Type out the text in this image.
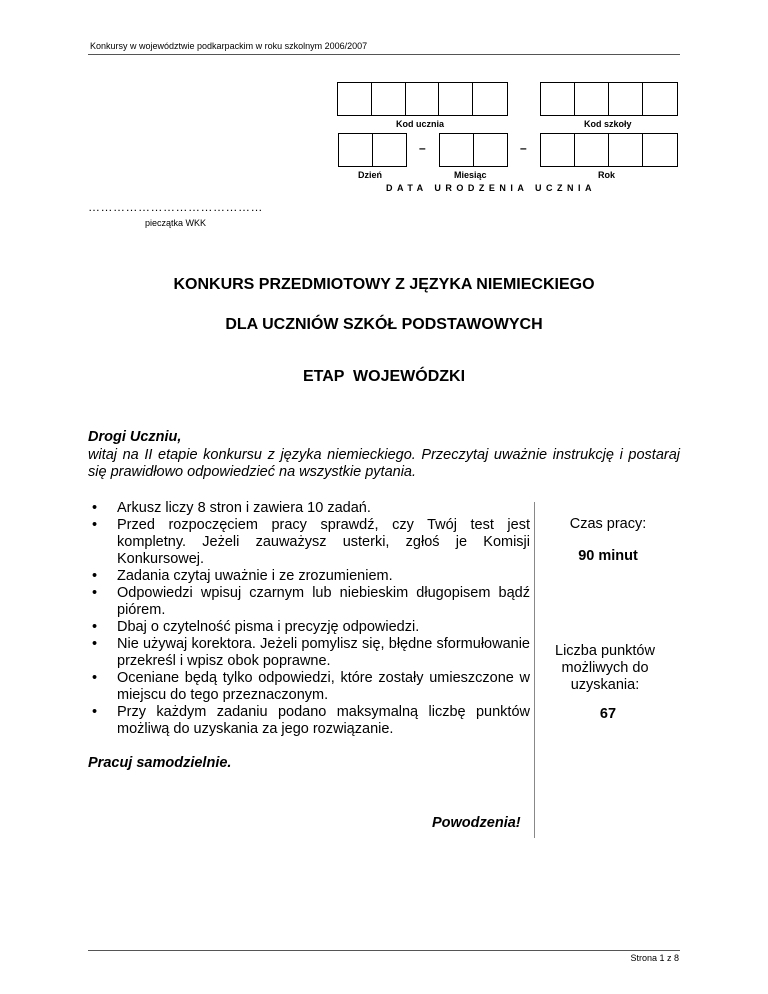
Konkursy w województwie podkarpackim w roku szkolnym 2006/2007
Kod ucznia	Kod szkoły
–	–
Dzień	Miesiąc	Rok
DATA URODZENIA UCZNIA
……………………………………
pieczątka WKK
KONKURS PRZEDMIOTOWY Z JĘZYKA NIEMIECKIEGO
DLA UCZNIÓW SZKÓŁ PODSTAWOWYCH
ETAP  WOJEWÓDZKI
Drogi Uczniu,
witaj na II etapie konkursu z języka niemieckiego. Przeczytaj uważnie instrukcję i postaraj się prawidłowo odpowiedzieć na wszystkie pytania.
• Arkusz liczy 8 stron i zawiera 10 zadań.
• Przed rozpoczęciem pracy sprawdź, czy Twój test jest kompletny. Jeżeli zauważysz usterki, zgłoś je Komisji Konkursowej.
• Zadania czytaj uważnie i ze zrozumieniem.
• Odpowiedzi wpisuj czarnym lub niebieskim długopisem bądź piórem.
• Dbaj o czytelność pisma i precyzję odpowiedzi.
• Nie używaj korektora. Jeżeli pomylisz się, błędne sformułowanie przekreśl i wpisz obok poprawne.
• Oceniane będą tylko odpowiedzi, które zostały umieszczone w miejscu do tego przeznaczonym.
• Przy każdym zadaniu podano maksymalną liczbę punktów możliwą do uzyskania za jego rozwiązanie.
Czas pracy:
90 minut
Liczba punktów możliwych do uzyskania:
67
Pracuj samodzielnie.
Powodzenia!
Strona 1 z 8
